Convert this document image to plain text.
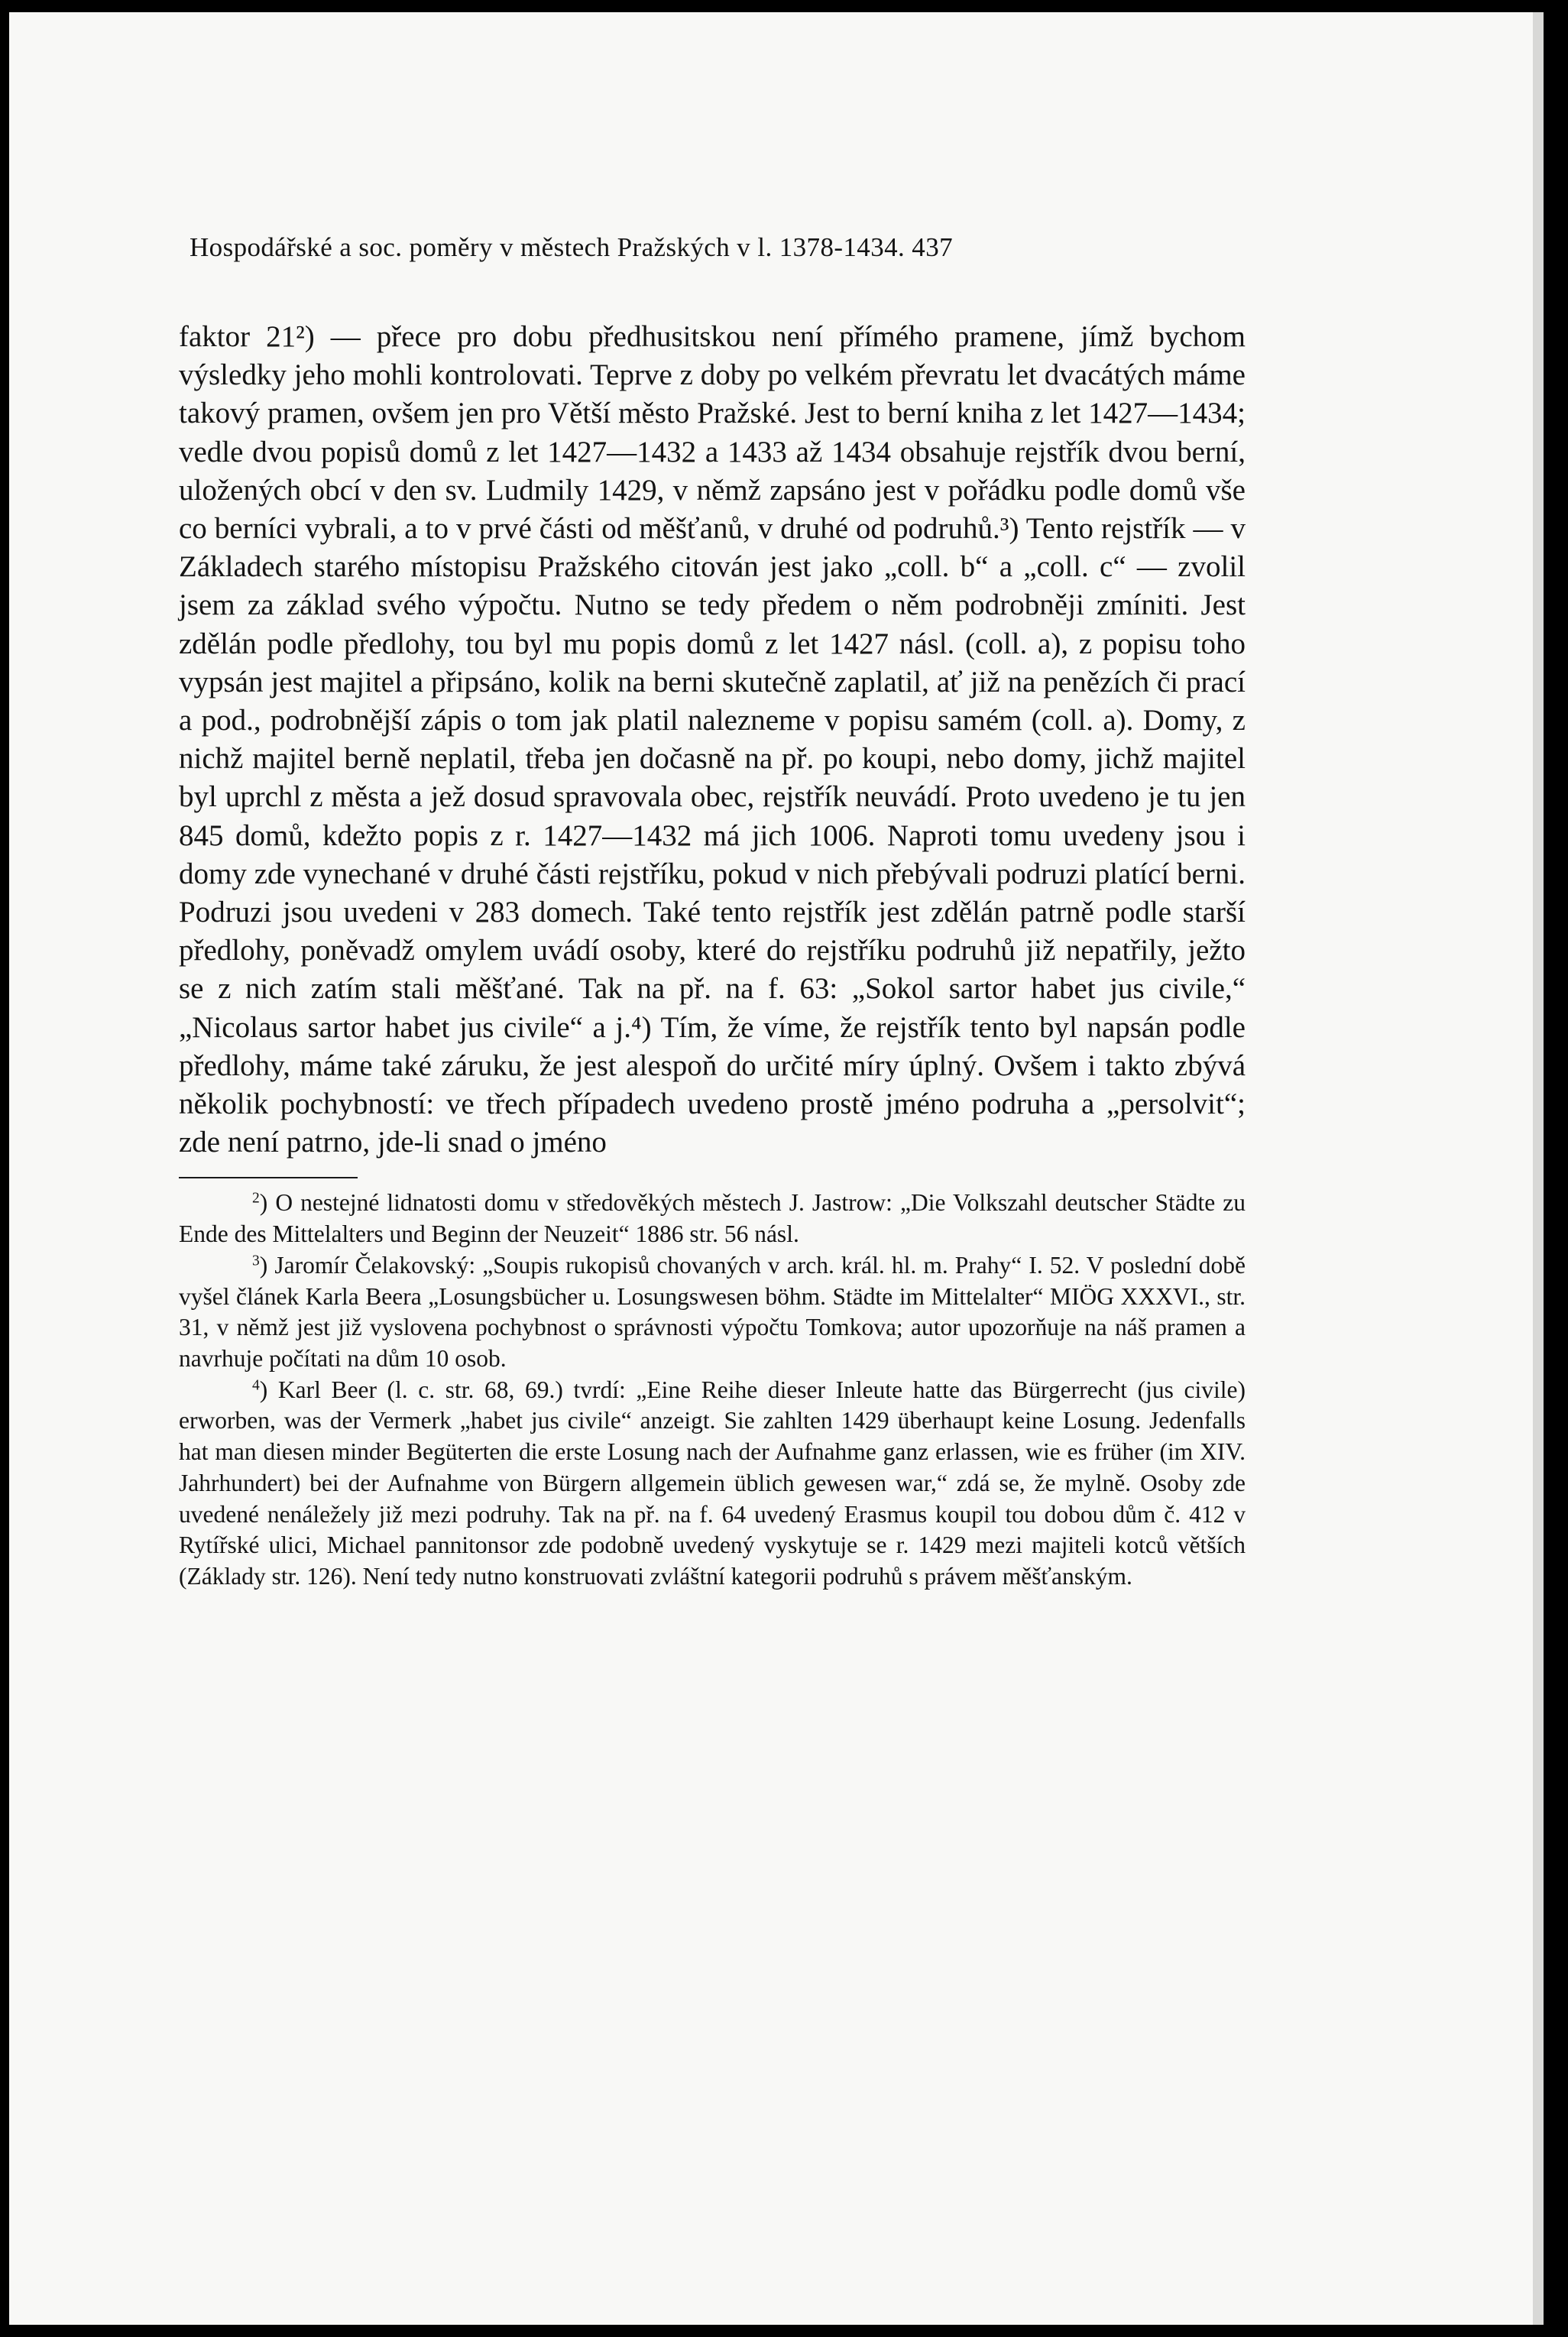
Hospodářské a soc. poměry v městech Pražských v l. 1378-1434. 437

faktor 21²) — přece pro dobu předhusitskou není přímého pramene, jímž bychom výsledky jeho mohli kontrolovati. Teprve z doby po velkém převratu let dvacátých máme takový pramen, ovšem jen pro Větší město Pražské. Jest to berní kniha z let 1427—1434; vedle dvou popisů domů z let 1427—1432 a 1433 až 1434 obsahuje rejstřík dvou berní, uložených obcí v den sv. Ludmily 1429, v němž zapsáno jest v pořádku podle domů vše co berníci vybrali, a to v prvé části od měšťanů, v druhé od podruhů.³) Tento rejstřík — v Základech starého místopisu Pražského citován jest jako „coll. b“ a „coll. c“ — zvolil jsem za základ svého výpočtu. Nutno se tedy předem o něm podrobněji zmíniti. Jest zdělán podle předlohy, tou byl mu popis domů z let 1427 násl. (coll. a), z popisu toho vypsán jest majitel a připsáno, kolik na berni skutečně zaplatil, ať již na penězích či prací a pod., podrobnější zápis o tom jak platil nalezneme v popisu samém (coll. a). Domy, z nichž majitel berně neplatil, třeba jen dočasně na př. po koupi, nebo domy, jichž majitel byl uprchl z města a jež dosud spravovala obec, rejstřík neuvádí. Proto uvedeno je tu jen 845 domů, kdežto popis z r. 1427—1432 má jich 1006. Naproti tomu uvedeny jsou i domy zde vynechané v druhé části rejstříku, pokud v nich přebývali podruzi platící berni. Podruzi jsou uvedeni v 283 domech. Také tento rejstřík jest zdělán patrně podle starší předlohy, poněvadž omylem uvádí osoby, které do rejstříku podruhů již nepatřily, ježto se z nich zatím stali měšťané. Tak na př. na f. 63: „Sokol sartor habet jus civile,“ „Nicolaus sartor habet jus civile“ a j.⁴) Tím, že víme, že rejstřík tento byl napsán podle předlohy, máme také záruku, že jest alespoň do určité míry úplný. Ovšem i takto zbývá několik pochybností: ve třech případech uvedeno prostě jméno podruha a „persolvit“; zde není patrno, jde-li snad o jméno

$^2$) O nestejné lidnatosti domu v středověkých městech J. Jastrow: „Die Volkszahl deutscher Städte zu Ende des Mittelalters und Beginn der Neuzeit“ 1886 str. 56 násl.

$^3$) Jaromír Čelakovský: „Soupis rukopisů chovaných v arch. král. hl. m. Prahy“ I. 52. V poslední době vyšel článek Karla Beera „Losungsbücher u. Losungswesen böhm. Städte im Mittelalter“ MIÖG XXXVI., str. 31, v němž jest již vyslovena pochybnost o správnosti výpočtu Tomkova; autor upozorňuje na náš pramen a navrhuje počítati na dům 10 osob.

$^4$) Karl Beer (l. c. str. 68, 69.) tvrdí: „Eine Reihe dieser Inleute hatte das Bürgerrecht (jus civile) erworben, was der Vermerk „habet jus civile“ anzeigt. Sie zahlten 1429 überhaupt keine Losung. Jedenfalls hat man diesen minder Begüterten die erste Losung nach der Aufnahme ganz erlassen, wie es früher (im XIV. Jahrhundert) bei der Aufnahme von Bürgern allgemein üblich gewesen war,“ zdá se, že mylně. Osoby zde uvedené nenáležely již mezi podruhy. Tak na př. na f. 64 uvedený Erasmus koupil tou dobou dům č. 412 v Rytířské ulici, Michael pannitonsor zde podobně uvedený vyskytuje se r. 1429 mezi majiteli kotců větších (Základy str. 126). Není tedy nutno konstruovati zvláštní kategorii podruhů s právem měšťanským.
